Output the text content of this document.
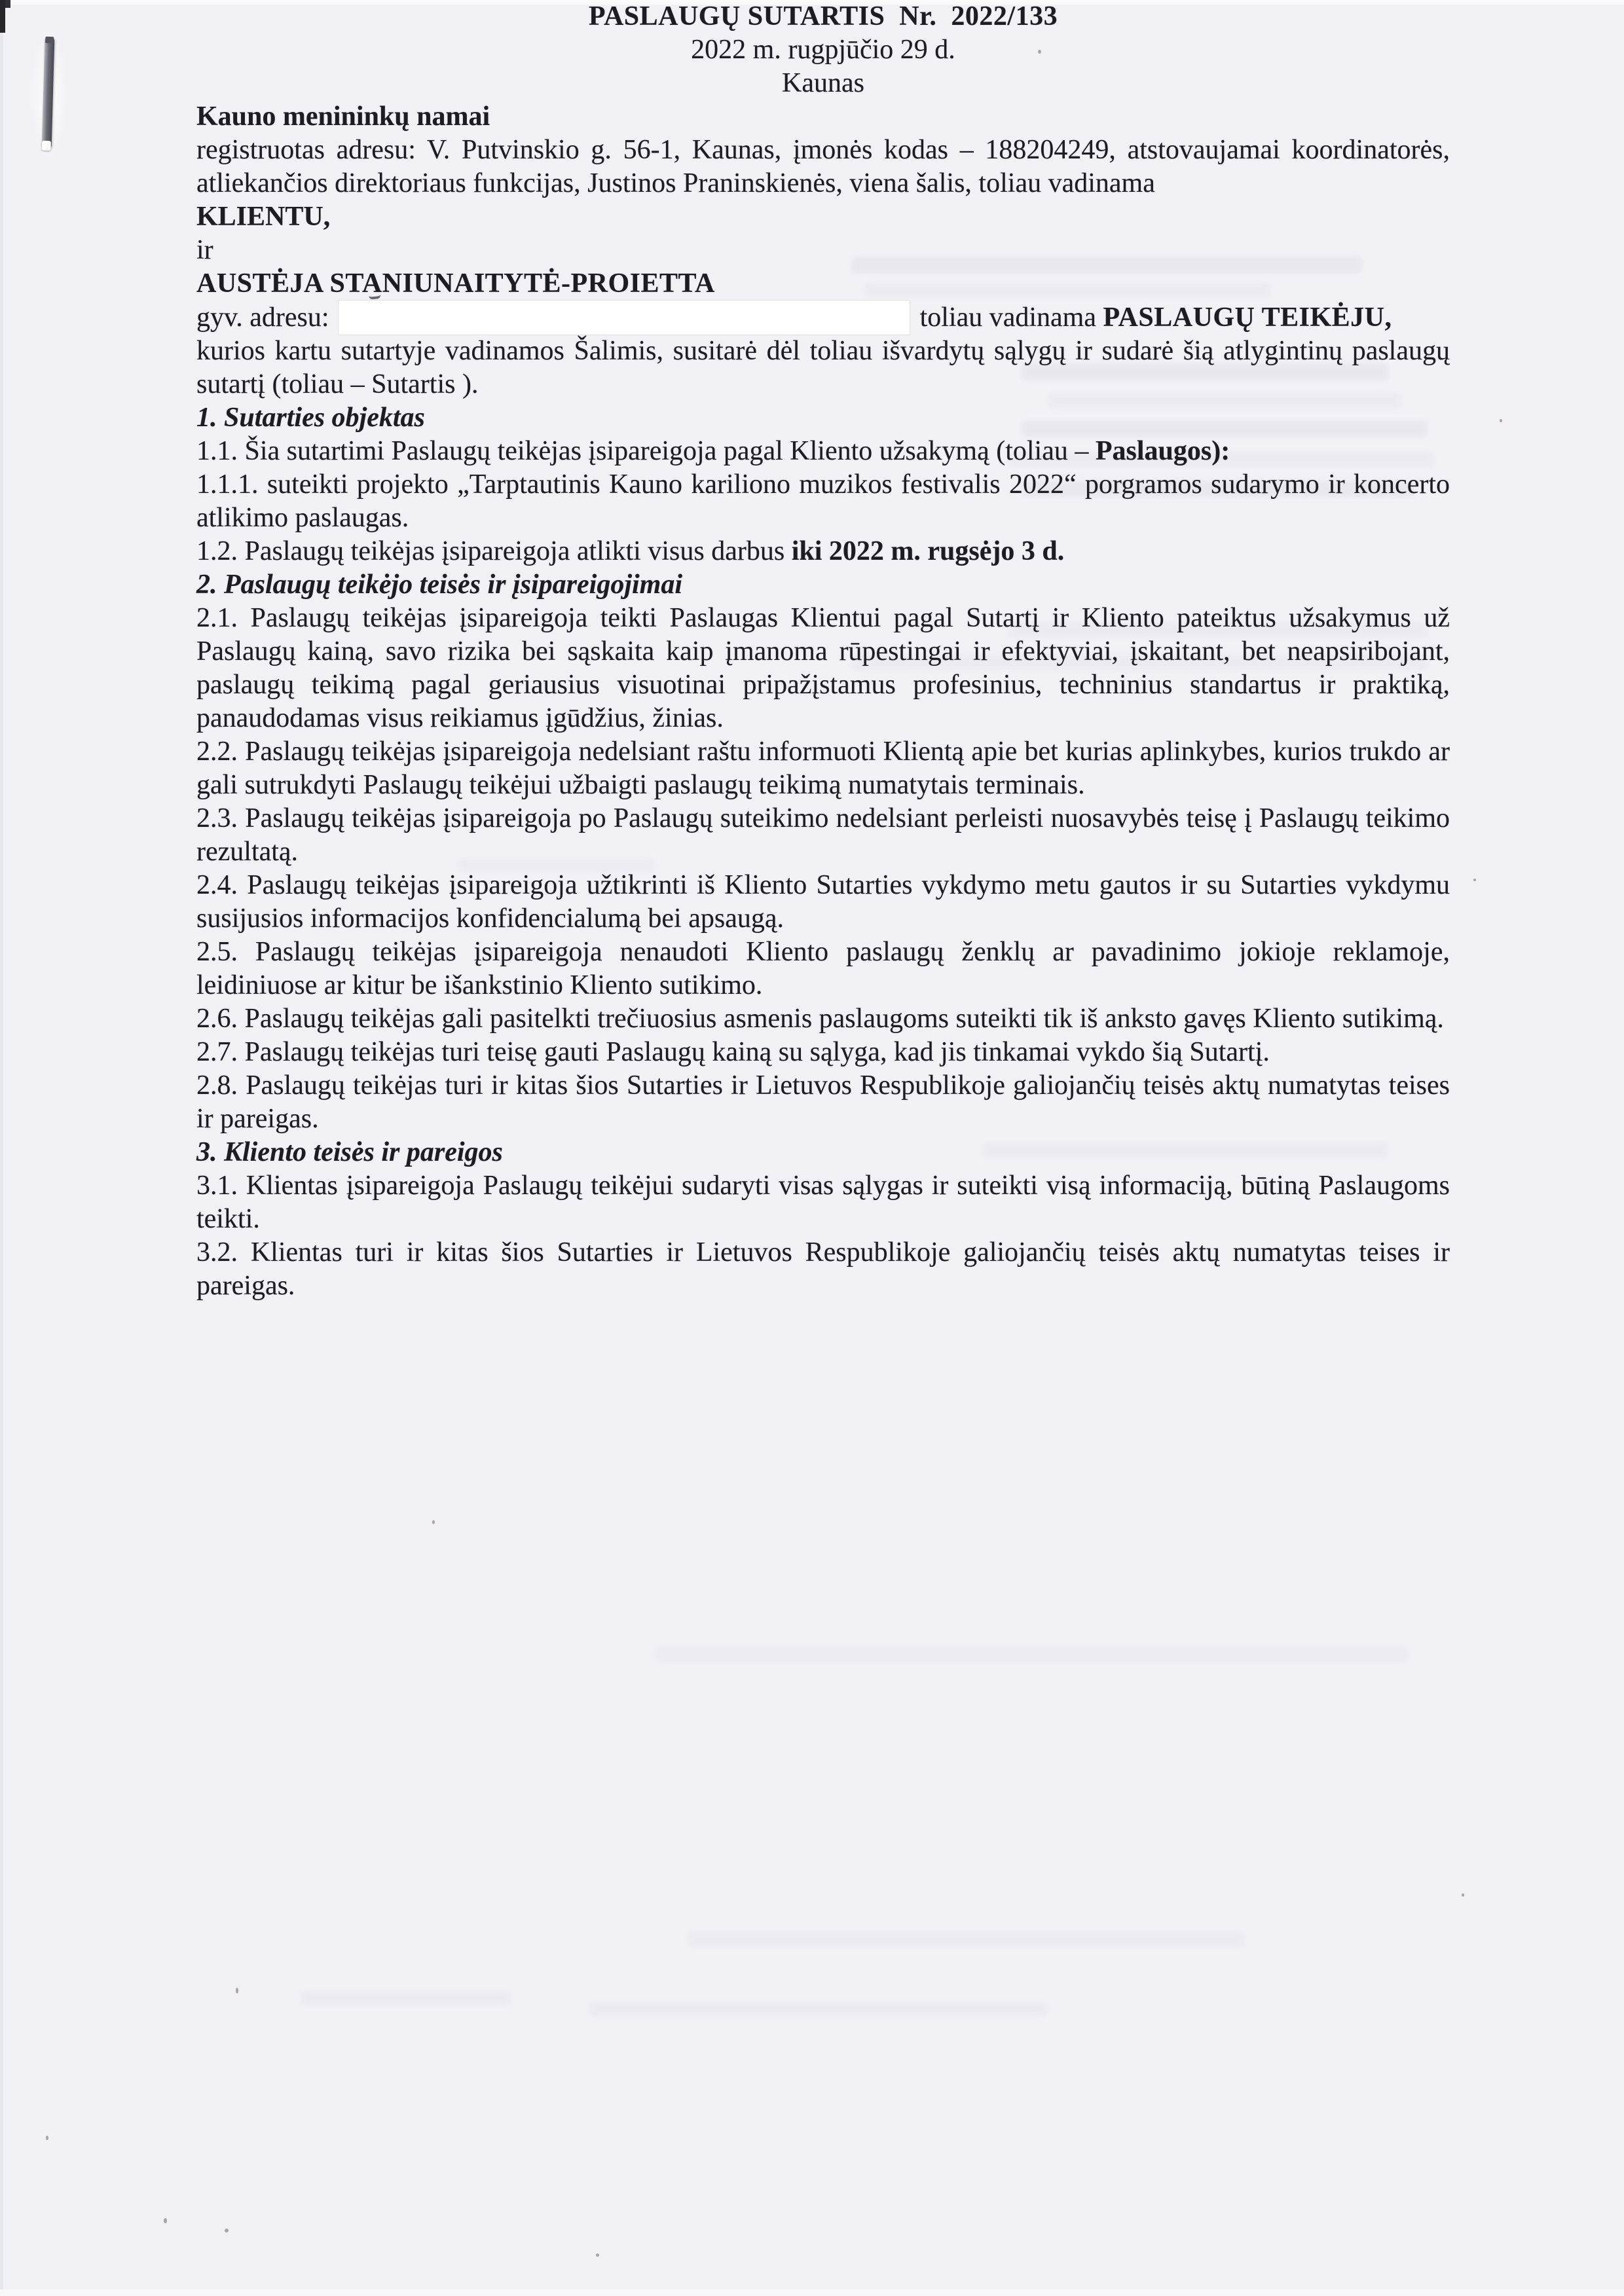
PASLAUGŲ SUTARTIS  Nr.  2022/133

2022 m. rugpjūčio 29 d.

Kaunas

Kauno menininkų namai

registruotas adresu: V. Putvinskio g. 56-1, Kaunas, įmonės kodas – 188204249, atstovaujamai koordinatorės, atliekančios direktoriaus funkcijas, Justinos Praninskienės, viena šalis, toliau vadinama

KLIENTU,

ir

AUSTĖJA STANIUNAITYTĖ-PROIETTA

gyv. adresu:	toliau vadinama PASLAUGŲ TEIKĖJU,

kurios kartu sutartyje vadinamos Šalimis, susitarė dėl toliau išvardytų sąlygų ir sudarė šią atlygintinų paslaugų sutartį (toliau – Sutartis ).

1. Sutarties objektas

1.1. Šia sutartimi Paslaugų teikėjas įsipareigoja pagal Kliento užsakymą (toliau – Paslaugos):

1.1.1. suteikti projekto „Tarptautinis Kauno kariliono muzikos festivalis 2022“ porgramos sudarymo ir koncerto atlikimo paslaugas.

1.2. Paslaugų teikėjas įsipareigoja atlikti visus darbus iki 2022 m. rugsėjo 3 d.

2. Paslaugų teikėjo teisės ir įsipareigojimai

2.1. Paslaugų teikėjas įsipareigoja teikti Paslaugas Klientui pagal Sutartį ir Kliento pateiktus užsakymus už Paslaugų kainą, savo rizika bei sąskaita kaip įmanoma rūpestingai ir efektyviai, įskaitant, bet neapsiribojant, paslaugų teikimą pagal geriausius visuotinai pripažįstamus profesinius, techninius standartus ir praktiką, panaudodamas visus reikiamus įgūdžius, žinias.

2.2. Paslaugų teikėjas įsipareigoja nedelsiant raštu informuoti Klientą apie bet kurias aplinkybes, kurios trukdo ar gali sutrukdyti Paslaugų teikėjui užbaigti paslaugų teikimą numatytais terminais.

2.3. Paslaugų teikėjas įsipareigoja po Paslaugų suteikimo nedelsiant perleisti nuosavybės teisę į Paslaugų teikimo rezultatą.

2.4. Paslaugų teikėjas įsipareigoja užtikrinti iš Kliento Sutarties vykdymo metu gautos ir su Sutarties vykdymu susijusios informacijos konfidencialumą bei apsaugą.

2.5. Paslaugų teikėjas įsipareigoja nenaudoti Kliento paslaugų ženklų ar pavadinimo jokioje reklamoje, leidiniuose ar kitur be išankstinio Kliento sutikimo.

2.6. Paslaugų teikėjas gali pasitelkti trečiuosius asmenis paslaugoms suteikti tik iš anksto gavęs Kliento sutikimą.

2.7. Paslaugų teikėjas turi teisę gauti Paslaugų kainą su sąlyga, kad jis tinkamai vykdo šią Sutartį.

2.8. Paslaugų teikėjas turi ir kitas šios Sutarties ir Lietuvos Respublikoje galiojančių teisės aktų numatytas teises ir pareigas.

3. Kliento teisės ir pareigos

3.1. Klientas įsipareigoja Paslaugų teikėjui sudaryti visas sąlygas ir suteikti visą informaciją, būtiną Paslaugoms teikti.

3.2. Klientas turi ir kitas šios Sutarties ir Lietuvos Respublikoje galiojančių teisės aktų numatytas teises ir pareigas.
